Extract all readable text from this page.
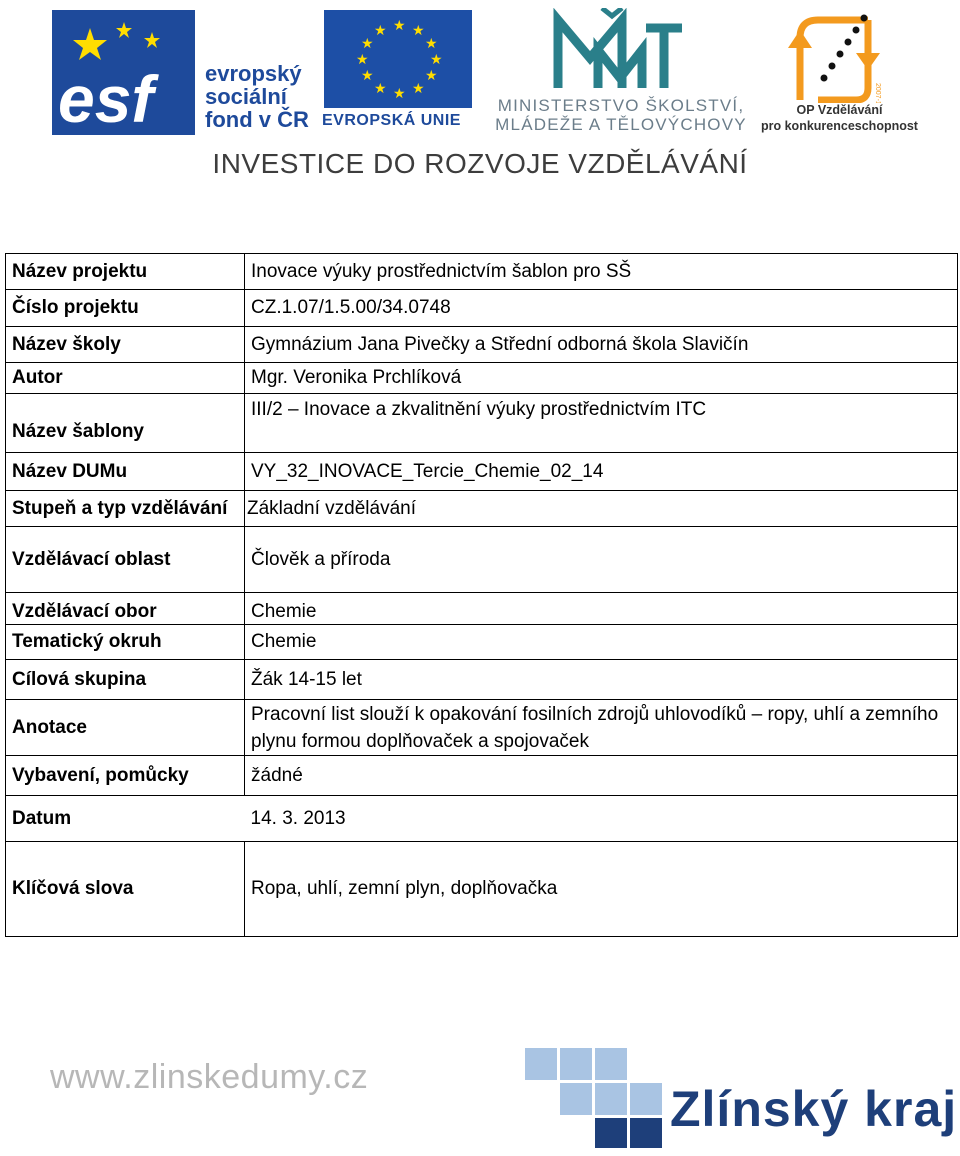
esf evropský
sociální
fond v ČR
★ ★
★
★
★
★
★
★
★
★
★
★
EVROPSKÁ UNIE
MINISTERSTVO ŠKOLSTVÍ,
MLÁDEŽE A TĚLOVÝCHOVY
2007-13
OP Vzdělávání
pro konkurenceschopnost
INVESTICE DO ROZVOJE VZDĚLÁVÁNÍ
Název projektu	Inovace výuky prostřednictvím šablon pro SŠ
Číslo projektu	CZ.1.07/1.5.00/34.0748
Název školy	Gymnázium Jana Pivečky a Střední odborná škola Slavičín
Autor	Mgr. Veronika Prchlíková
Název šablony	III/2 – Inovace a zkvalitnění výuky prostřednictvím ITC
Název DUMu	VY_32_INOVACE_Tercie_Chemie_02_14
Stupeň a typ vzdělávání	Základní vzdělávání
Vzdělávací oblast	Člověk a příroda
Vzdělávací obor	Chemie
Tematický okruh	Chemie
Cílová skupina	Žák 14-15 let
Anotace	Pracovní list slouží k opakování fosilních zdrojů uhlovodíků – ropy, uhlí a zemního plynu formou doplňovaček a spojovaček
Vybavení, pomůcky	žádné
Datum	14. 3. 2013
Klíčová slova	Ropa, uhlí, zemní plyn, doplňovačka
www.zlinskedumy.cz
Zlínský kraj
